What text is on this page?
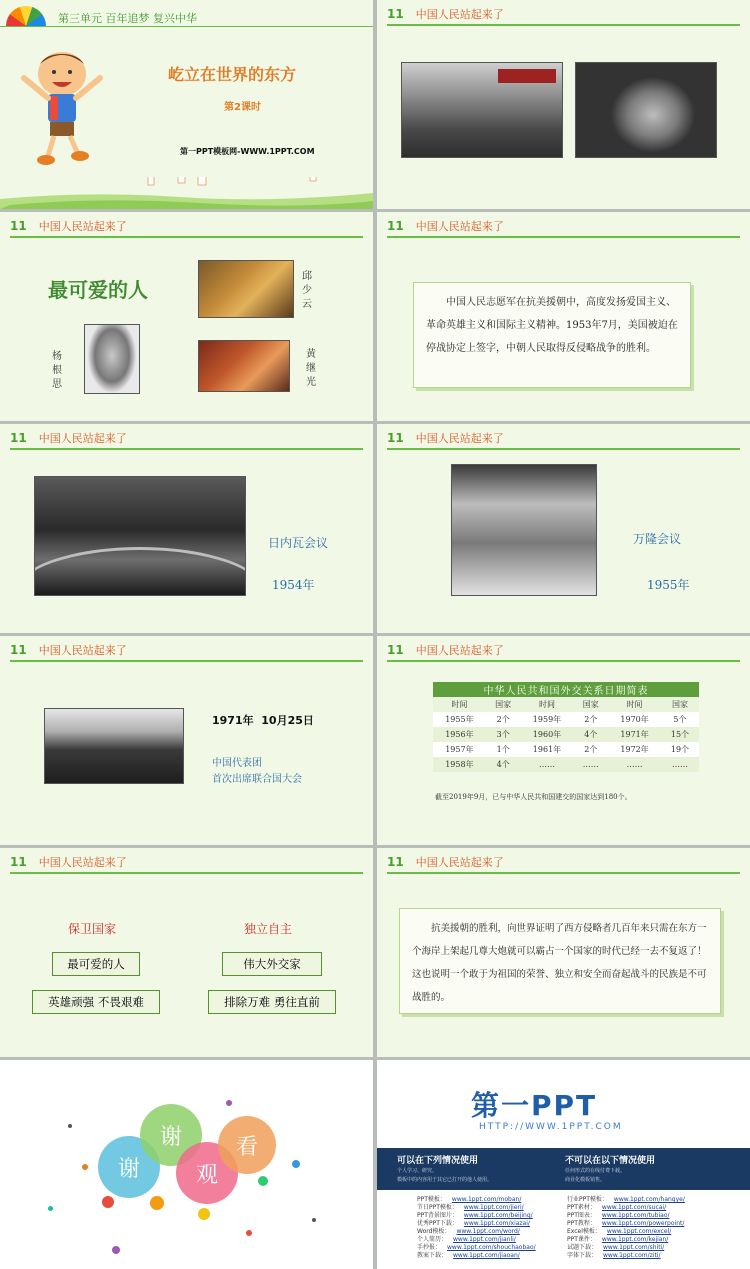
第三单元 百年追梦 复兴中华
屹立在世界的东方
第2课时
第一PPT模板网-WWW.1PPT.COM
11 中国人民站起来了
11 中国人民站起来了
最可爱的人
邱少云
杨根思
黄继光
11 中国人民站起来了
中国人民志愿军在抗美援朝中，高度发扬爱国主义、革命英雄主义和国际主义精神。1953年7月，美国被迫在停战协定上签字，中朝人民取得反侵略战争的胜利。
11 中国人民站起来了
日内瓦会议
1954年
11 中国人民站起来了
万隆会议
1955年
11 中国人民站起来了
1971年  10月25日
中国代表团
首次出席联合国大会
11 中国人民站起来了
中华人民共和国外交关系日期简表					
时间	国家	时间	国家	时间	国家
1955年	2个	1959年	2个	1970年	5个
1956年	3个	1960年	4个	1971年	15个
1957年	1个	1961年	2个	1972年	19个
1958年	4个	……	……	……	……
截至2019年9月，已与中华人民共和国建交的国家达到180个。
11 中国人民站起来了
保卫国家	独立自主
最可爱的人
英雄顽强 不畏艰难
伟大外交家
排除万难 勇往直前
11 中国人民站起来了
抗美援朝的胜利，向世界证明了西方侵略者几百年来只需在东方一个海岸上架起几尊大炮就可以霸占一个国家的时代已经一去不复返了！这也说明一个敢于为祖国的荣誉、独立和安全而奋起战斗的民族是不可战胜的。
谢
谢
观
看
第一PPT
HTTP://WWW.1PPT.COM
可以在下列情况使用
个人学习、研究。
模板中的内容用于其它已打开的他人使用。
不可以在以下情况使用
任何形式的在线付费下载。
商业化模板销售。
PPT模板： www.1ppt.com/moban/
节日PPT模板： www.1ppt.com/jieri/
PPT背景图片： www.1ppt.com/beijing/
优秀PPT下载： www.1ppt.com/xiazai/
Word模板： www.1ppt.com/word/
个人简历： www.1ppt.com/jianli/
手抄报： www.1ppt.com/shouchaobao/
教案下载： www.1ppt.com/jiaoan/
行业PPT模板： www.1ppt.com/hangye/
PPT素材： www.1ppt.com/sucai/
PPT图表： www.1ppt.com/tubiao/
PPT教程： www.1ppt.com/powerpoint/
Excel模板： www.1ppt.com/excel/
PPT课件： www.1ppt.com/kejian/
试题下载： www.1ppt.com/shiti/
字体下载： www.1ppt.com/ziti/
